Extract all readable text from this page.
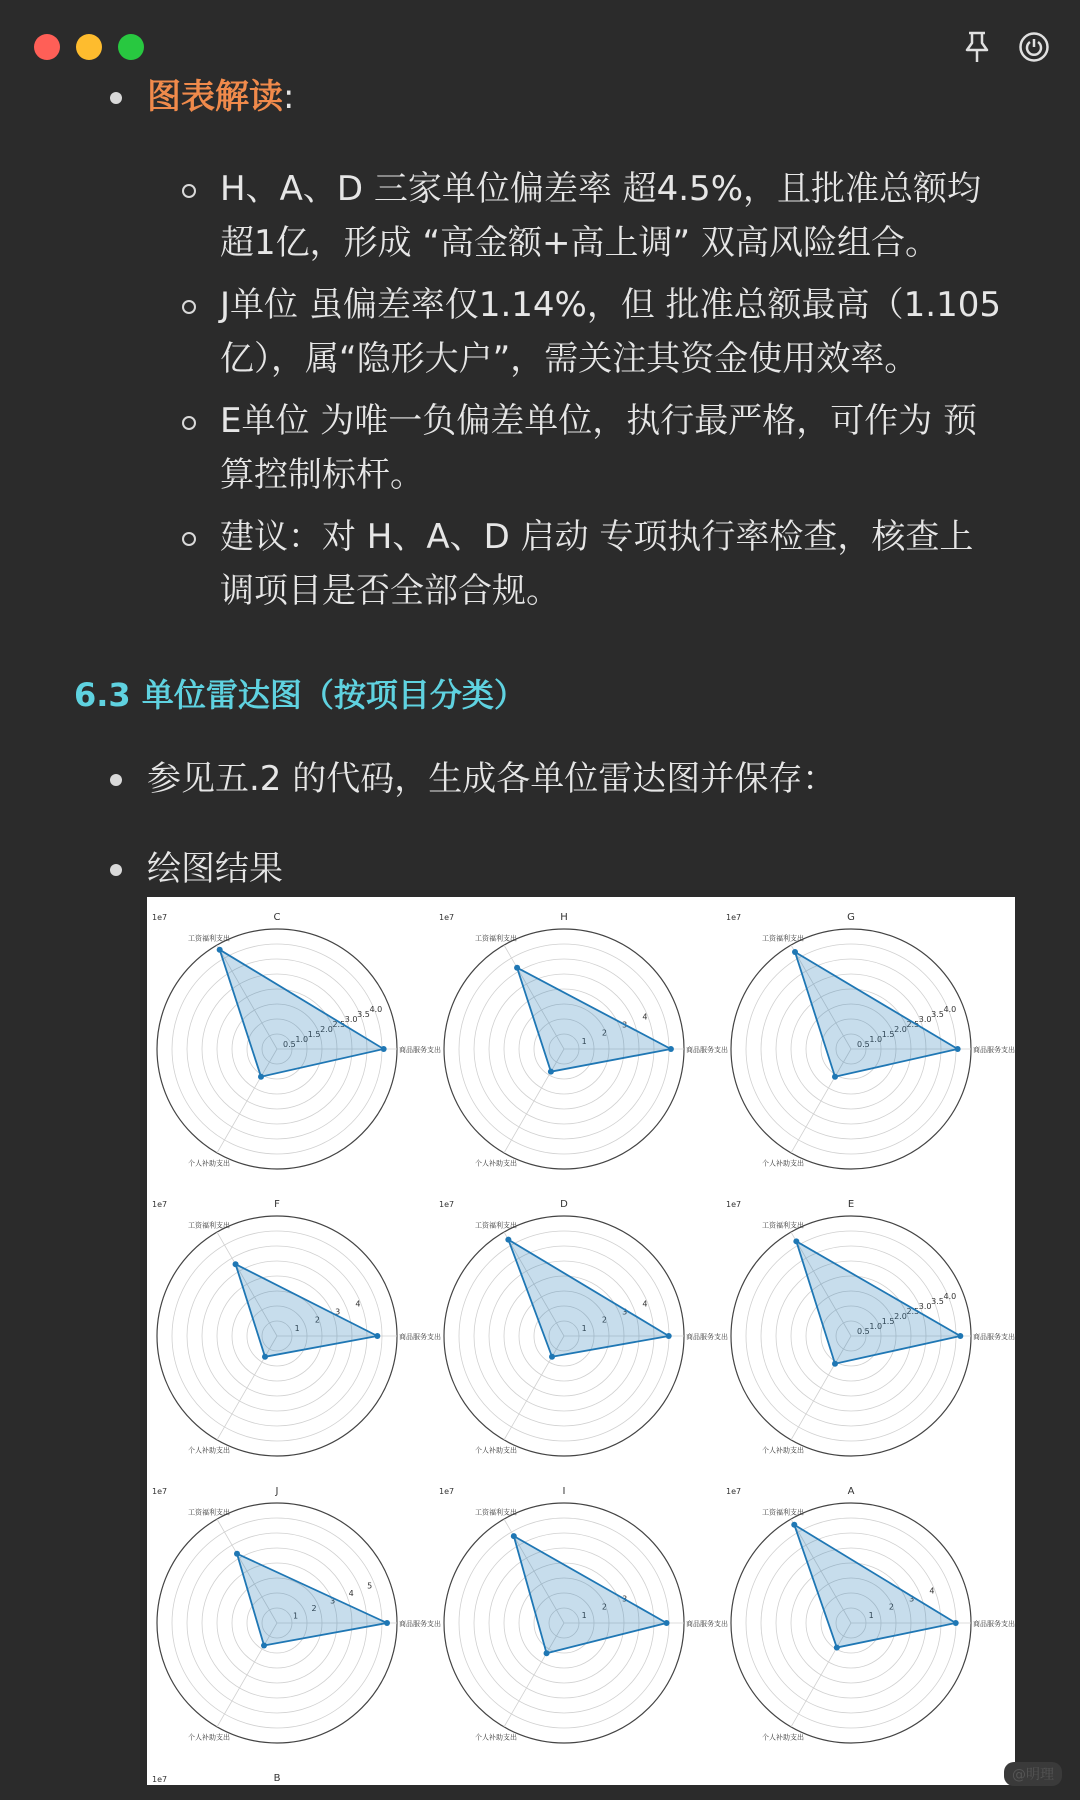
图表解读:
H、A、D 三家单位偏差率 超4.5%，且批准总额均
超1亿，形成 “高金额+高上调” 双高风险组合。
J单位 虽偏差率仅1.14%，但 批准总额最高（1.105
亿），属“隐形大户”，需关注其资金使用效率。
E单位 为唯一负偏差单位，执行最严格，可作为 预
算控制标杆。
建议：对 H、A、D 启动 专项执行率检查，核查上
调项目是否全部合规。
6.3 单位雷达图（按项目分类）
参见五.2 的代码，生成各单位雷达图并保存：
绘图结果
1e7	C
商品服务支出
工资福利支出
个人补助支出
0.5
1.0
1.5
2.0
2.5
3.0
3.5
4.0
1e7	H
商品服务支出
工资福利支出
个人补助支出
1
2
3
4
1e7	G
商品服务支出
工资福利支出
个人补助支出
0.5
1.0
1.5
2.0
2.5
3.0
3.5
4.0
1e7	F
商品服务支出
工资福利支出
个人补助支出
1
2
3
4
1e7	D
商品服务支出
工资福利支出
个人补助支出
1
2
3
4
1e7	E
商品服务支出
工资福利支出
个人补助支出
0.5
1.0
1.5
2.0
2.5
3.0
3.5
4.0
1e7	J
商品服务支出
工资福利支出
个人补助支出
1
2
3
4
5
1e7	I
商品服务支出
工资福利支出
个人补助支出
1
2
3
1e7	A
商品服务支出
工资福利支出
个人补助支出
1
2
3
4
1e7	B	@明理
